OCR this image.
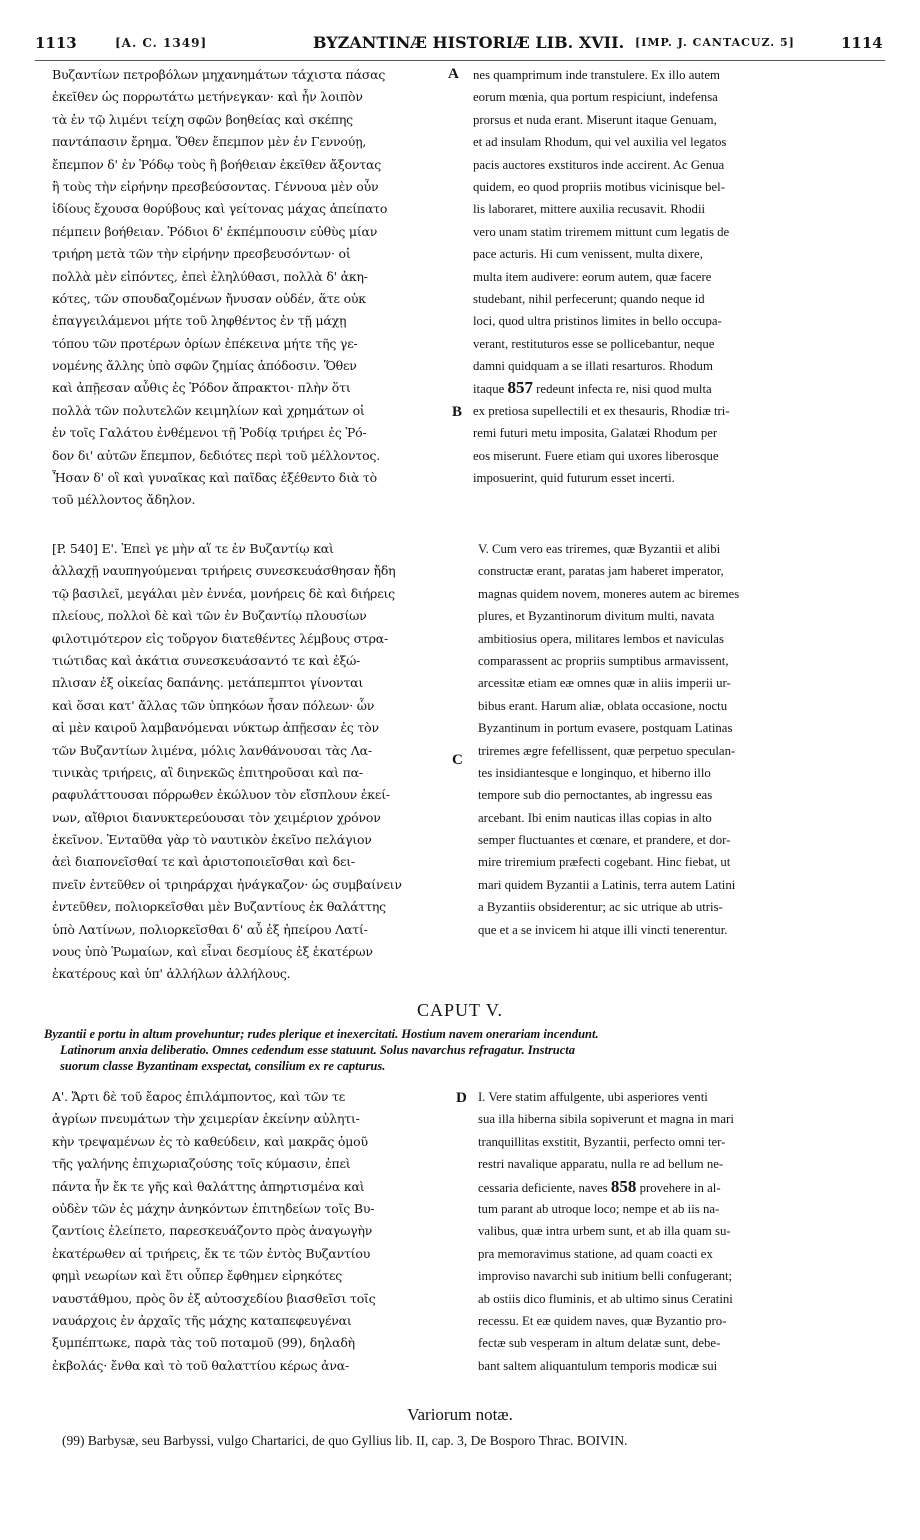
1113	[A. C. 1349]	BYZANTINÆ HISTORIÆ LIB. XVII. [IMP. J. CANTACUZ. 5]	1114
Βυζαντίων πετροβόλων μηχανημάτων τάχιστα πάσας
ἐκεῖθεν ὡς πορρωτάτω μετήνεγκαν· καὶ ἦν λοιπὸν
τὰ ἐν τῷ λιμένι τείχη σφῶν βοηθείας καὶ σκέπης
παντάπασιν ἔρημα. Ὅθεν ἔπεμπον μὲν ἐν Γεννούῃ,
ἔπεμπον δ' ἐν Ῥόδῳ τοὺς ἢ βοήθειαν ἐκεῖθεν ἄξοντας
ἢ τοὺς τὴν εἰρήνην πρεσβεύσοντας. Γέννουα μὲν οὖν
ἰδίους ἔχουσα θορύβους καὶ γείτονας μάχας ἀπείπατο
πέμπειν βοήθειαν. Ῥόδιοι δ' ἐκπέμπουσιν εὐθὺς μίαν
τριήρη μετὰ τῶν τὴν εἰρήνην πρεσβευσόντων· οἱ
πολλὰ μὲν εἰπόντες, ἐπεὶ ἐληλύθασι, πολλὰ δ' ἀκη-
κότες, τῶν σπουδαζομένων ἤνυσαν οὐδέν, ἅτε οὐκ
ἐπαγγειλάμενοι μήτε τοῦ ληφθέντος ἐν τῇ μάχῃ
τόπου τῶν προτέρων ὁρίων ἐπέκεινα μήτε τῆς γε-
νομένης ἄλλης ὑπὸ σφῶν ζημίας ἀπόδοσιν. Ὅθεν
καὶ ἀπῇεσαν αὖθις ἐς Ῥόδον ἄπρακτοι· πλὴν ὅτι
πολλὰ τῶν πολυτελῶν κειμηλίων καὶ χρημάτων οἱ
ἐν τοῖς Γαλάτου ἐνθέμενοι τῇ Ῥοδίᾳ τριήρει ἐς Ῥό-
δον δι' αὐτῶν ἔπεμπον, δεδιότες περὶ τοῦ μέλλοντος.
Ἦσαν δ' οἳ καὶ γυναῖκας καὶ παῖδας ἐξέθεντο διὰ τὸ
τοῦ μέλλοντος ἄδηλον.
nes quamprimum inde transtulere. Ex illo autem
eorum mœnia, qua portum respiciunt, indefensa
prorsus et nuda erant. Miserunt itaque Genuam,
et ad insulam Rhodum, qui vel auxilia vel legatos
pacis auctores exstituros inde accirent. Ac Genua
quidem, eo quod propriis motibus vicinisque bel-
lis laboraret, mittere auxilia recusavit. Rhodii
vero unam statim triremem mittunt cum legatis de
pace acturis. Hi cum venissent, multa dixere,
multa item audivere: eorum autem, quæ facere
studebant, nihil perfecerunt; quando neque id
loci, quod ultra pristinos limites in bello occupa-
verant, restituturos esse se pollicebantur, neque
damni quidquam a se illati resarturos. Rhodum
itaque 857 redeunt infecta re, nisi quod multa
ex pretiosa supellectili et ex thesauris, Rhodiæ tri-
remi futuri metu imposita, Galatæi Rhodum per
eos miserunt. Fuere etiam qui uxores liberosque
imposuerint, quid futurum esset incerti.
A
B
C
D
[P. 540] Ε'. Ἐπεὶ γε μὴν αἵ τε ἐν Βυζαντίῳ καὶ
ἀλλαχῇ ναυπηγούμεναι τριήρεις συνεσκευάσθησαν ἤδη
τῷ βασιλεῖ, μεγάλαι μὲν ἐννέα, μονήρεις δὲ καὶ διήρεις
πλείους, πολλοὶ δὲ καὶ τῶν ἐν Βυζαντίῳ πλουσίων
φιλοτιμότερον εἰς τοὔργον διατεθέντες λέμβους στρα-
τιώτιδας καὶ ἀκάτια συνεσκευάσαντό τε καὶ ἐξώ-
πλισαν ἐξ οἰκείας δαπάνης. μετάπεμπτοι γίνονται
καὶ ὅσαι κατ' ἄλλας τῶν ὑπηκόων ἦσαν πόλεων· ὧν
αἱ μὲν καιροῦ λαμβανόμεναι νύκτωρ ἀπῇεσαν ἐς τὸν
τῶν Βυζαντίων λιμένα, μόλις λανθάνουσαι τὰς Λα-
τινικὰς τριήρεις, αἳ διηνεκῶς ἐπιτηροῦσαι καὶ πα-
ραφυλάττουσαι πόρρωθεν ἐκώλυον τὸν εἴσπλουν ἐκεί-
νων, αἴθριοι διανυκτερεύουσαι τὸν χειμέριον χρόνον
ἐκεῖνον. Ἐνταῦθα γὰρ τὸ ναυτικὸν ἐκεῖνο πελάγιον
ἀεὶ διαπονεῖσθαί τε καὶ ἀριστοποιεῖσθαι καὶ δει-
πνεῖν ἐντεῦθεν οἱ τριηράρχαι ἠνάγκαζον· ὡς συμβαίνειν
ἐντεῦθεν, πολιορκεῖσθαι μὲν Βυζαντίους ἐκ θαλάττης
ὑπὸ Λατίνων, πολιορκεῖσθαι δ' αὖ ἐξ ἠπείρου Λατί-
νους ὑπὸ Ῥωμαίων, καὶ εἶναι δεσμίους ἐξ ἑκατέρων
ἑκατέρους καὶ ὑπ' ἀλλήλων ἀλλήλους.
V. Cum vero eas triremes, quæ Byzantii et alibi
constructæ erant, paratas jam haberet imperator,
magnas quidem novem, moneres autem ac biremes
plures, et Byzantinorum divitum multi, navata
ambitiosius opera, militares lembos et naviculas
comparassent ac propriis sumptibus armavissent,
arcessitæ etiam eæ omnes quæ in aliis imperii ur-
bibus erant. Harum aliæ, oblata occasione, noctu
Byzantinum in portum evasere, postquam Latinas
triremes ægre fefellissent, quæ perpetuo speculan-
tes insidiantesque e longinquo, et hiberno illo
tempore sub dio pernoctantes, ab ingressu eas
arcebant. Ibi enim nauticas illas copias in alto
semper fluctuantes et cœnare, et prandere, et dor-
mire triremium præfecti cogebant. Hinc fiebat, ut
mari quidem Byzantii a Latinis, terra autem Latini
a Byzantiis obsiderentur; ac sic utrique ab utris-
que et a se invicem hi atque illi vincti tenerentur.
CAPUT V.
Byzantii e portu in altum provehuntur; rudes plerique et inexercitati. Hostium navem onerariam incendunt.
Latinorum anxia deliberatio. Omnes cedendum esse statuunt. Solus navarchus refragatur. Instructa
suorum classe Byzantinam exspectat, consilium ex re capturus.
Α'. Ἄρτι δὲ τοῦ ἔαρος ἐπιλάμποντος, καὶ τῶν τε
ἀγρίων πνευμάτων τὴν χειμερίαν ἐκείνην αὐλητι-
κὴν τρεψαμένων ἐς τὸ καθεύδειν, καὶ μακρᾶς ὁμοῦ
τῆς γαλήνης ἐπιχωριαζούσης τοῖς κύμασιν, ἐπεὶ
πάντα ἦν ἔκ τε γῆς καὶ θαλάττης ἀπηρτισμένα καὶ
οὐδὲν τῶν ἐς μάχην ἀνηκόντων ἐπιτηδείων τοῖς Βυ-
ζαντίοις ἐλείπετο, παρεσκευάζοντο πρὸς ἀναγωγὴν
ἑκατέρωθεν αἱ τριήρεις, ἔκ τε τῶν ἐντὸς Βυζαντίου
φημὶ νεωρίων καὶ ἔτι οὗπερ ἔφθημεν εἰρηκότες
ναυστάθμου, πρὸς ὃν ἐξ αὐτοσχεδίου βιασθεῖσι τοῖς
ναυάρχοις ἐν ἀρχαῖς τῆς μάχης καταπεφευγέναι
ξυμπέπτωκε, παρὰ τὰς τοῦ ποταμοῦ (99), δηλαδὴ
ἐκβολάς· ἔνθα καὶ τὸ τοῦ θαλαττίου κέρως ἀνα-
I. Vere statim affulgente, ubi asperiores venti
sua illa hiberna sibila sopiverunt et magna in mari
tranquillitas exstitit, Byzantii, perfecto omni ter-
restri navalique apparatu, nulla re ad bellum ne-
cessaria deficiente, naves 858 provehere in al-
tum parant ab utroque loco; nempe et ab iis na-
valibus, quæ intra urbem sunt, et ab illa quam su-
pra memoravimus statione, ad quam coacti ex
improviso navarchi sub initium belli confugerant;
ab ostiis dico fluminis, et ab ultimo sinus Ceratini
recessu. Et eæ quidem naves, quæ Byzantio pro-
fectæ sub vesperam in altum delatæ sunt, debe-
bant saltem aliquantulum temporis modicæ sui
Variorum notæ.
(99) Barbysæ, seu Barbyssi, vulgo Chartarici, de quo Gyllius lib. II, cap. 3, De Bosporo Thrac. BOIVIN.
